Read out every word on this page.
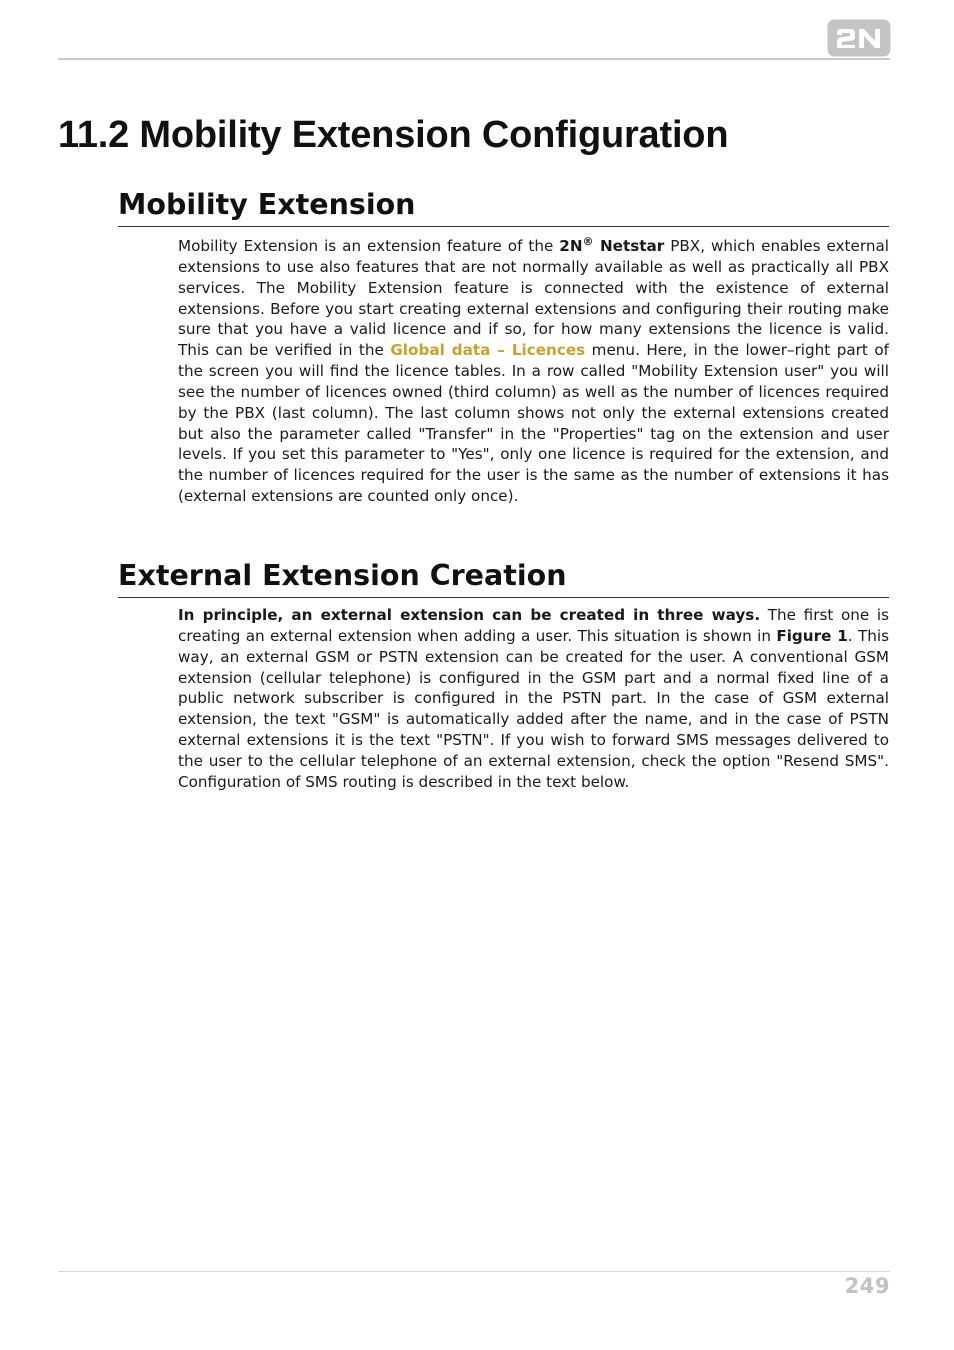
11.2 Mobility Extension Configuration
Mobility Extension

Mobility Extension is an extension feature of the 2N® Netstar PBX, which enables external extensions to use also features that are not normally available as well as practically all PBX services. The Mobility Extension feature is connected with the existence of external extensions. Before you start creating external extensions and configuring their routing make sure that you have a valid licence and if so, for how many extensions the licence is valid. This can be verified in the Global data – Licences menu. Here, in the lower–right part of the screen you will find the licence tables. In a row called "Mobility Extension user" you will see the number of licences owned (third column) as well as the number of licences required by the PBX (last column). The last column shows not only the external extensions created but also the parameter called "Transfer" in the "Properties" tag on the extension and user levels. If you set this parameter to "Yes", only one licence is required for the extension, and the number of licences required for the user is the same as the number of extensions it has (external extensions are counted only once).

External Extension Creation

In principle, an external extension can be created in three ways. The first one is creating an external extension when adding a user. This situation is shown in Figure 1. This way, an external GSM or PSTN extension can be created for the user. A conventional GSM extension (cellular telephone) is configured in the GSM part and a normal fixed line of a public network subscriber is configured in the PSTN part. In the case of GSM external extension, the text "GSM" is automatically added after the name, and in the case of PSTN external extensions it is the text "PSTN". If you wish to forward SMS messages delivered to the user to the cellular telephone of an external extension, check the option "Resend SMS". Configuration of SMS routing is described in the text below.

249
